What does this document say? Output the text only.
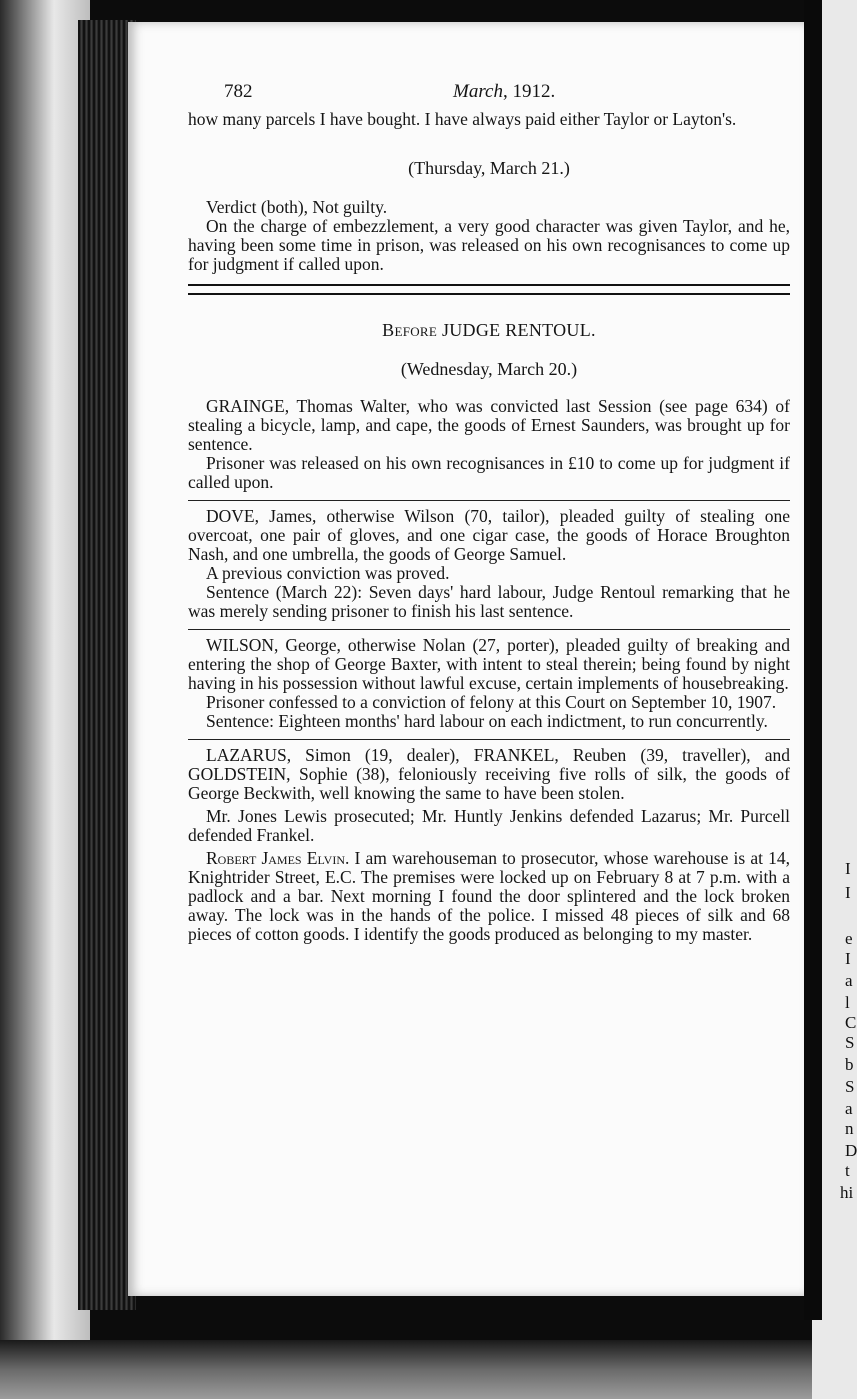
I
I
e
I
a
l
C
S
b
S
a
n
D
t
hi
782	March, 1912.

how many parcels I have bought. I have always paid either Taylor or Layton's.

(Thursday, March 21.)

Verdict (both), Not guilty.

On the charge of embezzlement, a very good character was given Taylor, and he, having been some time in prison, was released on his own recognisances to come up for judgment if called upon.

Before JUDGE RENTOUL.

(Wednesday, March 20.)

GRAINGE, Thomas Walter, who was convicted last Session (see page 634) of stealing a bicycle, lamp, and cape, the goods of Ernest Saunders, was brought up for sentence.

Prisoner was released on his own recognisances in £10 to come up for judgment if called upon.

DOVE, James, otherwise Wilson (70, tailor), pleaded guilty of stealing one overcoat, one pair of gloves, and one cigar case, the goods of Horace Broughton Nash, and one umbrella, the goods of George Samuel.

A previous conviction was proved.

Sentence (March 22): Seven days' hard labour, Judge Rentoul remarking that he was merely sending prisoner to finish his last sentence.

WILSON, George, otherwise Nolan (27, porter), pleaded guilty of breaking and entering the shop of George Baxter, with intent to steal therein; being found by night having in his possession without lawful excuse, certain implements of housebreaking.

Prisoner confessed to a conviction of felony at this Court on September 10, 1907.

Sentence: Eighteen months' hard labour on each indictment, to run concurrently.

LAZARUS, Simon (19, dealer), FRANKEL, Reuben (39, traveller), and GOLDSTEIN, Sophie (38), feloniously receiving five rolls of silk, the goods of George Beckwith, well knowing the same to have been stolen.

Mr. Jones Lewis prosecuted; Mr. Huntly Jenkins defended Lazarus; Mr. Purcell defended Frankel.

Robert James Elvin. I am warehouseman to prosecutor, whose warehouse is at 14, Knightrider Street, E.C. The premises were locked up on February 8 at 7 p.m. with a padlock and a bar. Next morning I found the door splintered and the lock broken away. The lock was in the hands of the police. I missed 48 pieces of silk and 68 pieces of cotton goods. I identify the goods produced as belonging to my master.
